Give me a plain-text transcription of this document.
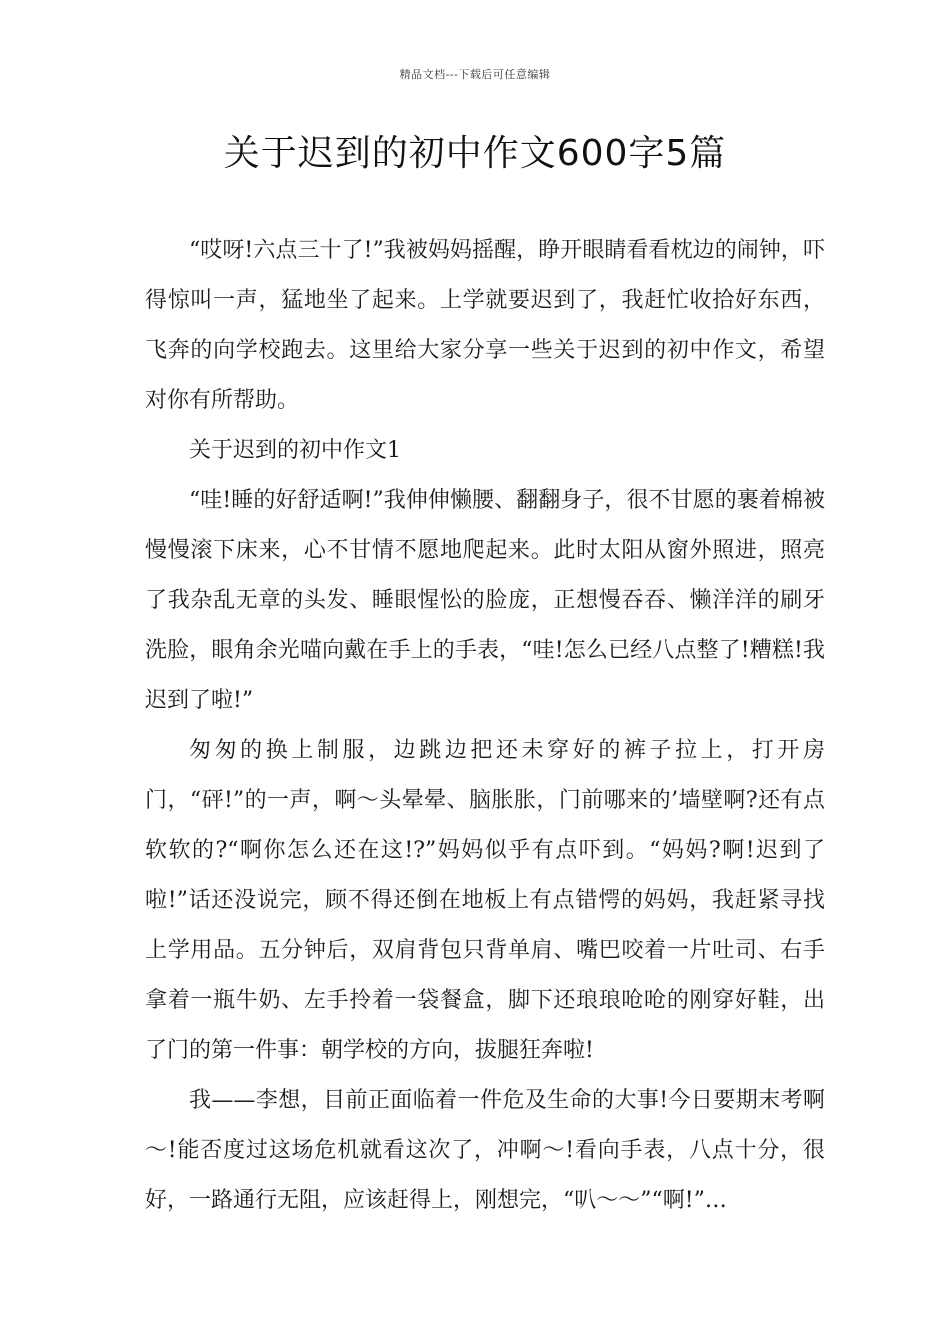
精品文档---下载后可任意编辑
关于迟到的初中作文600字5篇

“哎呀!六点三十了!”我被妈妈摇醒，睁开眼睛看看枕边的闹钟，吓得惊叫一声，猛地坐了起来。上学就要迟到了，我赶忙收拾好东西，飞奔的向学校跑去。这里给大家分享一些关于迟到的初中作文，希望对你有所帮助。

关于迟到的初中作文1

“哇!睡的好舒适啊!”我伸伸懒腰、翻翻身子，很不甘愿的裹着棉被慢慢滚下床来，心不甘情不愿地爬起来。此时太阳从窗外照进，照亮了我杂乱无章的头发、睡眼惺忪的脸庞，正想慢吞吞、懒洋洋的刷牙洗脸，眼角余光喵向戴在手上的手表，“哇!怎么已经八点整了!糟糕!我迟到了啦!”

匆匆的换上制服，边跳边把还未穿好的裤子拉上，打开房门，“砰!”的一声，啊～头晕晕、脑胀胀，门前哪来的’墙壁啊?还有点软软的?“啊你怎么还在这!?”妈妈似乎有点吓到。“妈妈?啊!迟到了啦!”话还没说完，顾不得还倒在地板上有点错愕的妈妈，我赶紧寻找上学用品。五分钟后，双肩背包只背单肩、嘴巴咬着一片吐司、右手拿着一瓶牛奶、左手拎着一袋餐盒，脚下还琅琅呛呛的刚穿好鞋，出了门的第一件事：朝学校的方向，拔腿狂奔啦!

我——李想，目前正面临着一件危及生命的大事!今日要期末考啊～!能否度过这场危机就看这次了，冲啊～!看向手表，八点十分，很好，一路通行无阻，应该赶得上，刚想完，“叭～～”“啊!”…
